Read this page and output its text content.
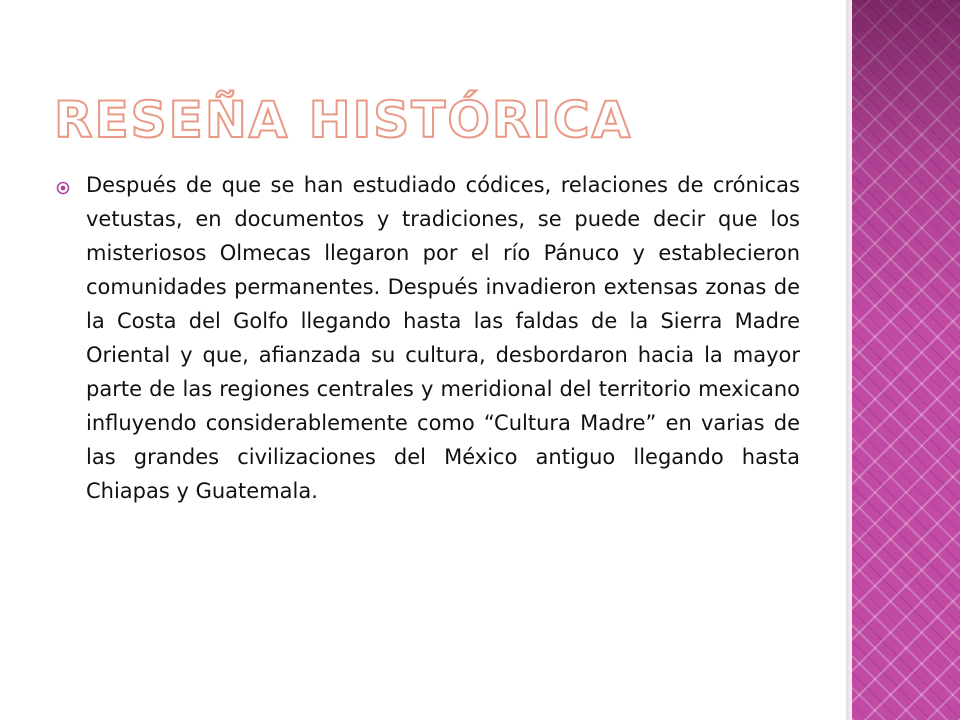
RESEÑA HISTÓRICA

Después de que se han estudiado códices, relaciones de crónicas vetustas, en documentos y tradiciones, se puede decir que los misteriosos Olmecas llegaron por el río Pánuco y establecieron comunidades permanentes. Después invadieron extensas zonas de la Costa del Golfo llegando hasta las faldas de la Sierra Madre Oriental y que, afianzada su cultura, desbordaron hacia la mayor parte de las regiones centrales y meridional del territorio mexicano influyendo considerablemente como “Cultura Madre” en varias de las grandes civilizaciones del México antiguo llegando hasta Chiapas y Guatemala.
